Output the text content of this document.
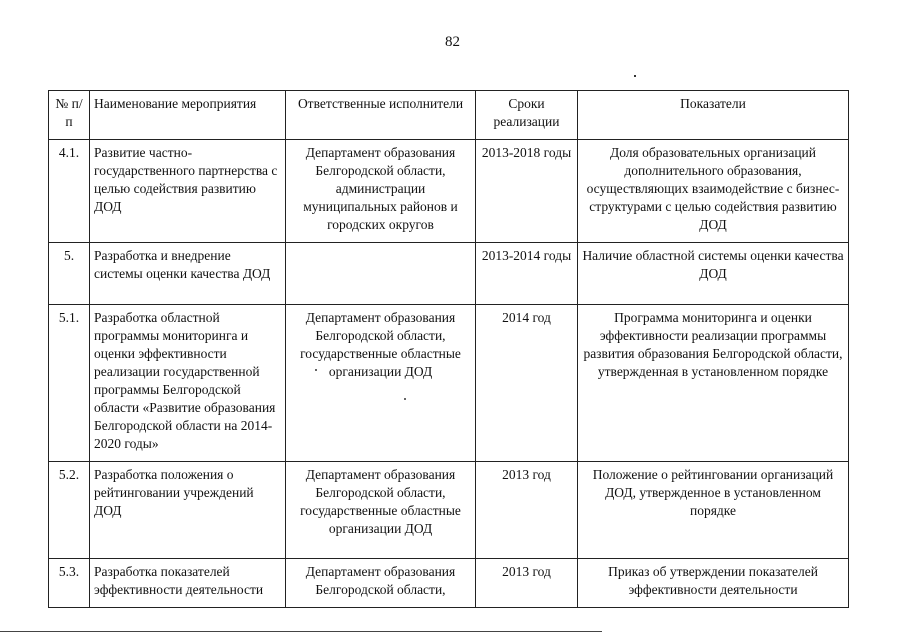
82
№ п/п	Наименование мероприятия	Ответственные исполнители	Сроки реализации	Показатели
4.1.	Развитие частно-государственного партнерства с целью содействия развитию ДОД	Департамент образования Белгородской области, администрации муниципальных районов и городских округов	2013-2018 годы	Доля образовательных организаций дополнительного образования, осуществляющих взаимодействие с бизнес-структурами с целью содействия развитию ДОД
5.	Разработка и внедрение системы оценки качества ДОД		2013-2014 годы	Наличие областной системы оценки качества ДОД
5.1.	Разработка областной программы мониторинга и оценки эффективности реализации государственной программы Белгородской области «Развитие образования Белгородской области на 2014-2020 годы»	Департамент образования Белгородской области, государственные областные организации ДОД	2014 год	Программа мониторинга и оценки эффективности реализации программы развития образования Белгородской области, утвержденная в установленном порядке
5.2.	Разработка положения о рейтинговании учреждений ДОД	Департамент образования Белгородской области, государственные областные организации ДОД	2013 год	Положение о рейтинговании организаций ДОД, утвержденное в установленном порядке
5.3.	Разработка показателей эффективности деятельности	Департамент образования Белгородской области,	2013 год	Приказ об утверждении показателей эффективности деятельности
